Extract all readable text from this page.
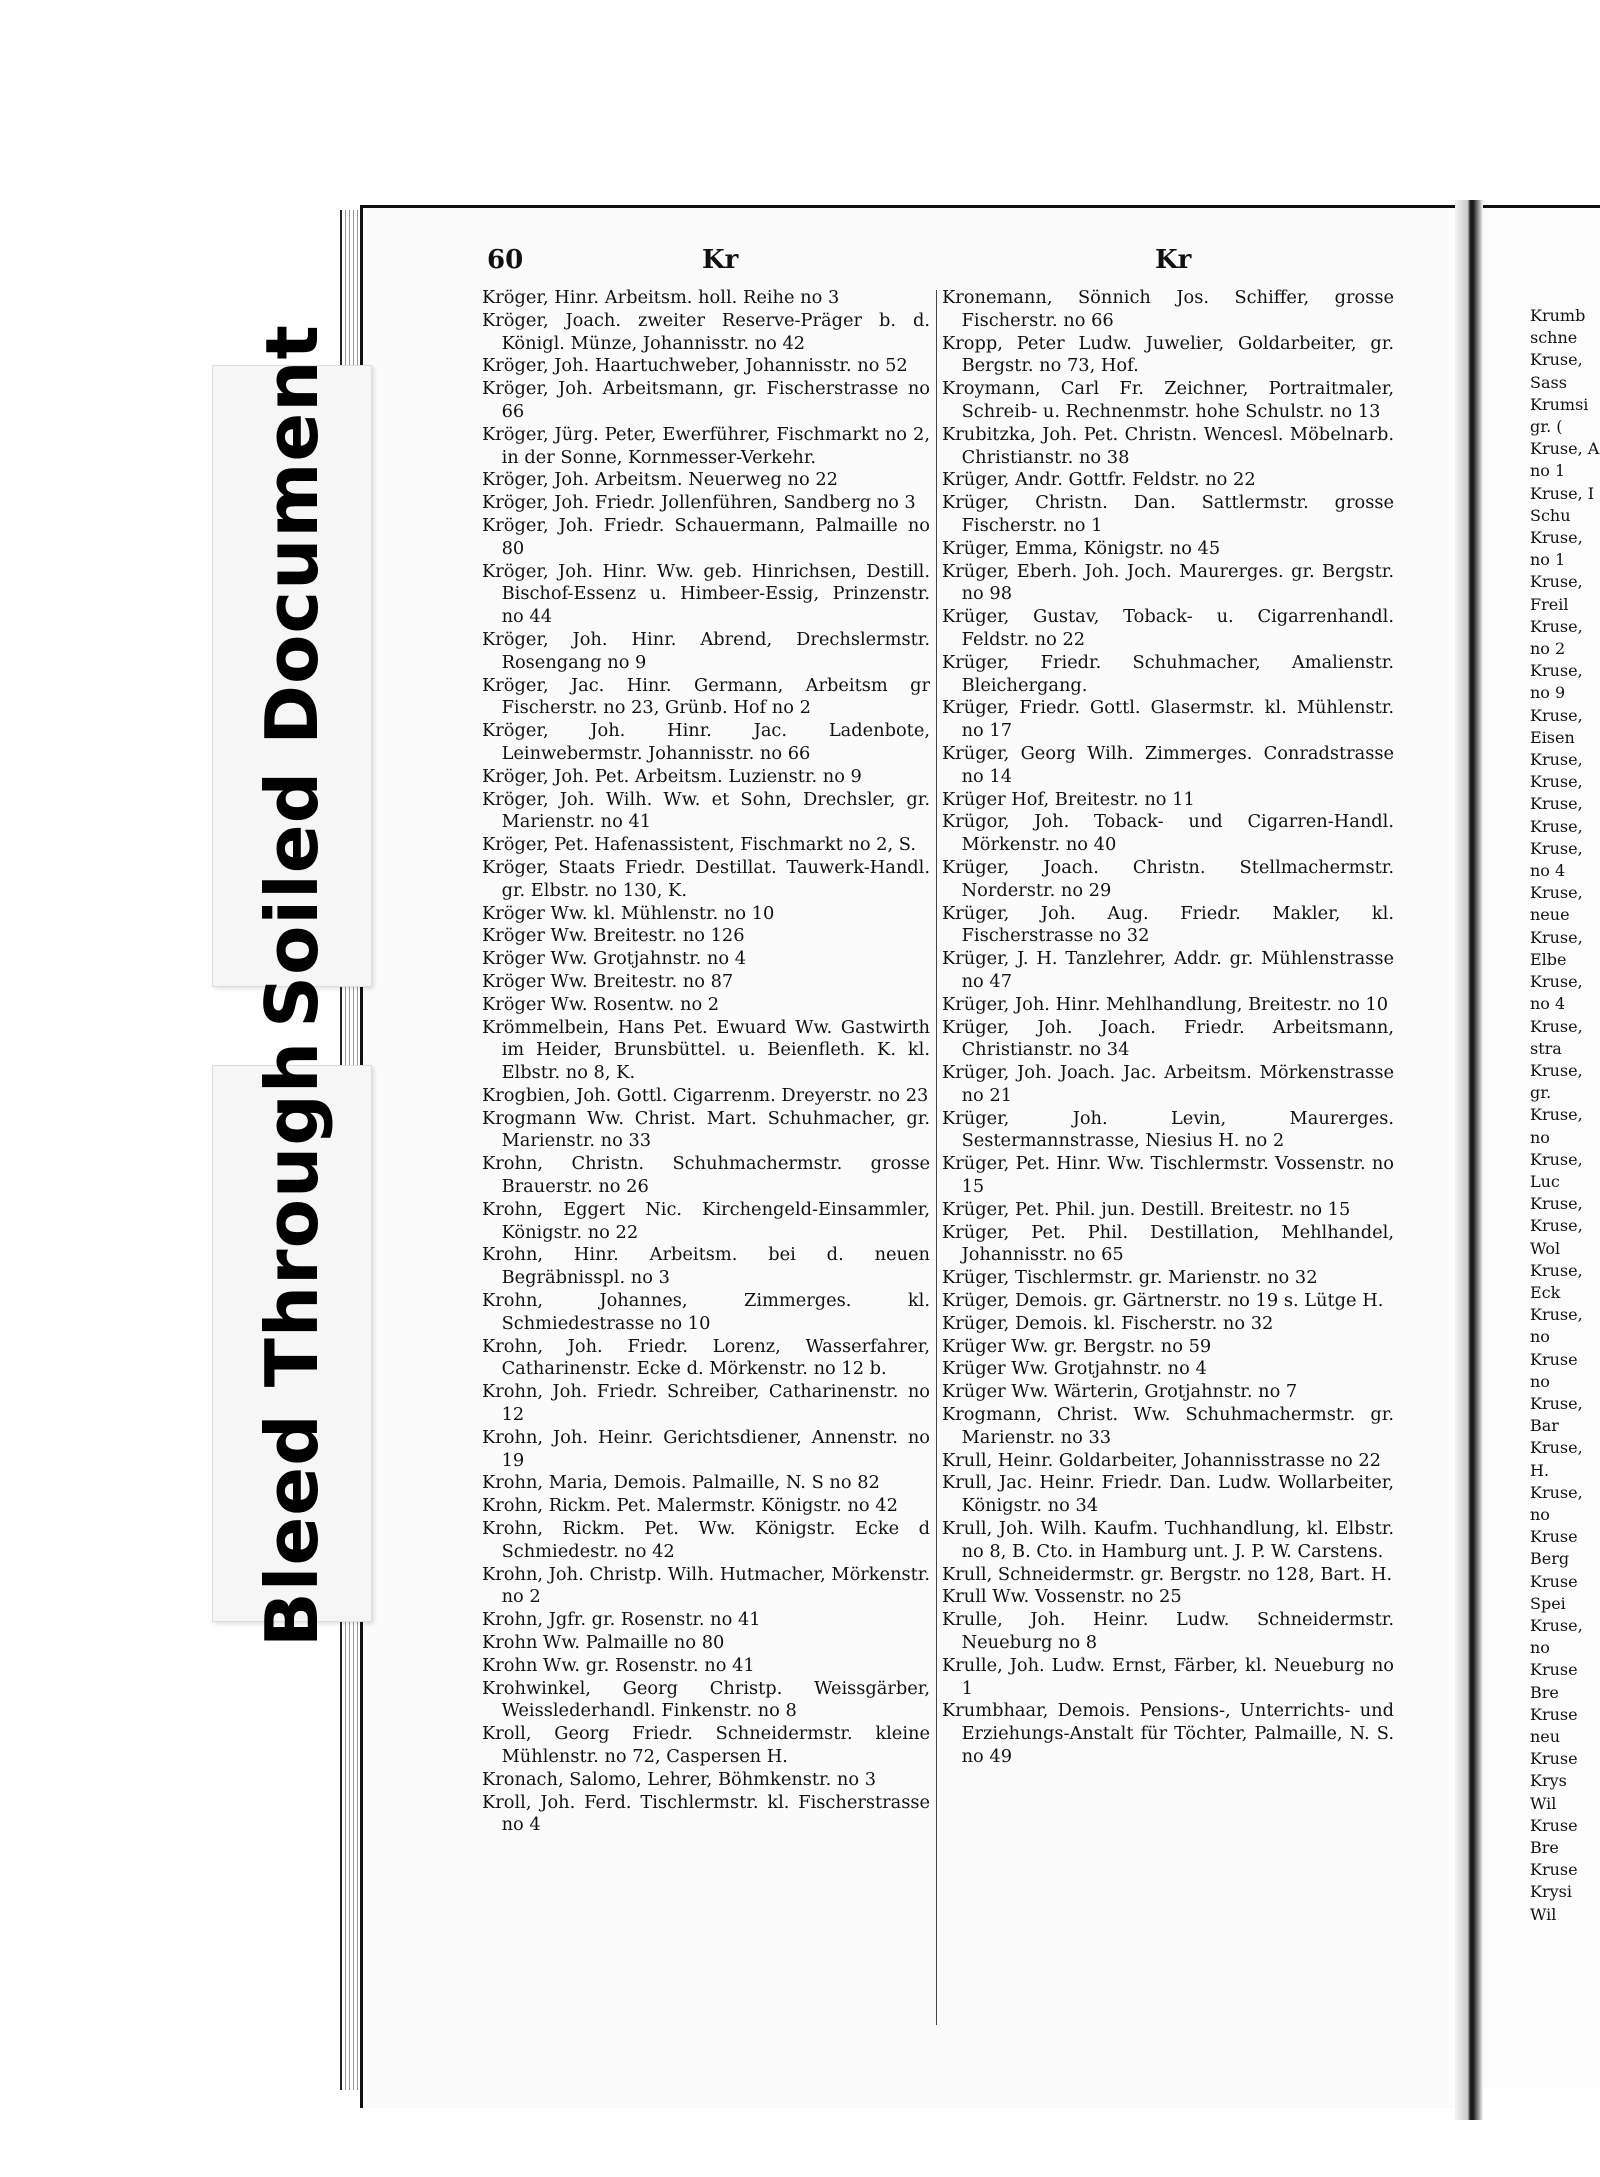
Soiled Document
Bleed Through
60	Kr	Kr
Kröger, Hinr. Arbeitsm. holl. Reihe no 3
Kröger, Joach. zweiter Reserve-Präger b. d. Königl. Münze, Johannisstr. no 42
Kröger, Joh. Haartuchweber, Johannisstr. no 52
Kröger, Joh. Arbeitsmann, gr. Fischerstrasse no 66
Kröger, Jürg. Peter, Ewerführer, Fischmarkt no 2, in der Sonne, Kornmesser-Verkehr.
Kröger, Joh. Arbeitsm. Neuerweg no 22
Kröger, Joh. Friedr. Jollenführen, Sandberg no 3
Kröger, Joh. Friedr. Schauermann, Palmaille no 80
Kröger, Joh. Hinr. Ww. geb. Hinrichsen, Destill. Bischof-Essenz u. Himbeer-Essig, Prinzenstr. no 44
Kröger, Joh. Hinr. Abrend, Drechslermstr. Rosengang no 9
Kröger, Jac. Hinr. Germann, Arbeitsm gr Fischerstr. no 23, Grünb. Hof no 2
Kröger, Joh. Hinr. Jac. Ladenbote, Leinwebermstr. Johannisstr. no 66
Kröger, Joh. Pet. Arbeitsm. Luzienstr. no 9
Kröger, Joh. Wilh. Ww. et Sohn, Drechsler, gr. Marienstr. no 41
Kröger, Pet. Hafenassistent, Fischmarkt no 2, S.
Kröger, Staats Friedr. Destillat. Tauwerk-Handl. gr. Elbstr. no 130, K.
Kröger Ww. kl. Mühlenstr. no 10
Kröger Ww. Breitestr. no 126
Kröger Ww. Grotjahnstr. no 4
Kröger Ww. Breitestr. no 87
Kröger Ww. Rosentw. no 2
Krömmelbein, Hans Pet. Ewuard Ww. Gastwirth im Heider, Brunsbüttel. u. Beienfleth. K. kl. Elbstr. no 8, K.
Krogbien, Joh. Gottl. Cigarrenm. Dreyerstr. no 23
Krogmann Ww. Christ. Mart. Schuhmacher, gr. Marienstr. no 33
Krohn, Christn. Schuhmachermstr. grosse Brauerstr. no 26
Krohn, Eggert Nic. Kirchengeld-Einsammler, Königstr. no 22
Krohn, Hinr. Arbeitsm. bei d. neuen Begräbnisspl. no 3
Krohn, Johannes, Zimmerges. kl. Schmiedestrasse no 10
Krohn, Joh. Friedr. Lorenz, Wasserfahrer, Catharinenstr. Ecke d. Mörkenstr. no 12 b.
Krohn, Joh. Friedr. Schreiber, Catharinenstr. no 12
Krohn, Joh. Heinr. Gerichtsdiener, Annenstr. no 19
Krohn, Maria, Demois. Palmaille, N. S no 82
Krohn, Rickm. Pet. Malermstr. Königstr. no 42
Krohn, Rickm. Pet. Ww. Königstr. Ecke d Schmiedestr. no 42
Krohn, Joh. Christp. Wilh. Hutmacher, Mörkenstr. no 2
Krohn, Jgfr. gr. Rosenstr. no 41
Krohn Ww. Palmaille no 80
Krohn Ww. gr. Rosenstr. no 41
Krohwinkel, Georg Christp. Weissgärber, Weisslederhandl. Finkenstr. no 8
Kroll, Georg Friedr. Schneidermstr. kleine Mühlenstr. no 72, Caspersen H.
Kronach, Salomo, Lehrer, Böhmkenstr. no 3
Kroll, Joh. Ferd. Tischlermstr. kl. Fischerstrasse no 4
Kronemann, Sönnich Jos. Schiffer, grosse Fischerstr. no 66
Kropp, Peter Ludw. Juwelier, Goldarbeiter, gr. Bergstr. no 73, Hof.
Kroymann, Carl Fr. Zeichner, Portraitmaler, Schreib- u. Rechnenmstr. hohe Schulstr. no 13
Krubitzka, Joh. Pet. Christn. Wencesl. Möbelnarb. Christianstr. no 38
Krüger, Andr. Gottfr. Feldstr. no 22
Krüger, Christn. Dan. Sattlermstr. grosse Fischerstr. no 1
Krüger, Emma, Königstr. no 45
Krüger, Eberh. Joh. Joch. Maurerges. gr. Bergstr. no 98
Krüger, Gustav, Toback- u. Cigarrenhandl. Feldstr. no 22
Krüger, Friedr. Schuhmacher, Amalienstr. Bleichergang.
Krüger, Friedr. Gottl. Glasermstr. kl. Mühlenstr. no 17
Krüger, Georg Wilh. Zimmerges. Conradstrasse no 14
Krüger Hof, Breitestr. no 11
Krügor, Joh. Toback- und Cigarren-Handl. Mörkenstr. no 40
Krüger, Joach. Christn. Stellmachermstr. Norderstr. no 29
Krüger, Joh. Aug. Friedr. Makler, kl. Fischerstrasse no 32
Krüger, J. H. Tanzlehrer, Addr. gr. Mühlenstrasse no 47
Krüger, Joh. Hinr. Mehlhandlung, Breitestr. no 10
Krüger, Joh. Joach. Friedr. Arbeitsmann, Christianstr. no 34
Krüger, Joh. Joach. Jac. Arbeitsm. Mörkenstrasse no 21
Krüger, Joh. Levin, Maurerges. Sestermannstrasse, Niesius H. no 2
Krüger, Pet. Hinr. Ww. Tischlermstr. Vossenstr. no 15
Krüger, Pet. Phil. jun. Destill. Breitestr. no 15
Krüger, Pet. Phil. Destillation, Mehlhandel, Johannisstr. no 65
Krüger, Tischlermstr. gr. Marienstr. no 32
Krüger, Demois. gr. Gärtnerstr. no 19 s. Lütge H.
Krüger, Demois. kl. Fischerstr. no 32
Krüger Ww. gr. Bergstr. no 59
Krüger Ww. Grotjahnstr. no 4
Krüger Ww. Wärterin, Grotjahnstr. no 7
Krogmann, Christ. Ww. Schuhmachermstr. gr. Marienstr. no 33
Krull, Heinr. Goldarbeiter, Johannisstrasse no 22
Krull, Jac. Heinr. Friedr. Dan. Ludw. Wollarbeiter, Königstr. no 34
Krull, Joh. Wilh. Kaufm. Tuchhandlung, kl. Elbstr. no 8, B. Cto. in Hamburg unt. J. P. W. Carstens.
Krull, Schneidermstr. gr. Bergstr. no 128, Bart. H.
Krull Ww. Vossenstr. no 25
Krulle, Joh. Heinr. Ludw. Schneidermstr. Neueburg no 8
Krulle, Joh. Ludw. Ernst, Färber, kl. Neueburg no 1
Krumbhaar, Demois. Pensions-, Unterrichts- und Erziehungs-Anstalt für Töchter, Palmaille, N. S. no 49
Krumb
schne
Kruse,
Sass
Krumsi
gr. (
Kruse, A
no 1
Kruse, I
Schu
Kruse,
no 1
Kruse,
Freil
Kruse,
no 2
Kruse,
no 9
Kruse,
Eisen
Kruse,
Kruse,
Kruse,
Kruse,
Kruse,
no 4
Kruse,
neue
Kruse,
Elbe
Kruse,
no 4
Kruse,
stra
Kruse,
gr.
Kruse,
no
Kruse,
Luc
Kruse,
Kruse,
Wol
Kruse,
Eck
Kruse,
no
Kruse
no
Kruse,
Bar
Kruse,
H.
Kruse,
no
Kruse
Berg
Kruse
Spei
Kruse,
no
Kruse
Bre
Kruse
neu
Kruse
Krys
Wil
Kruse
Bre
Kruse
Krysi
Wil
